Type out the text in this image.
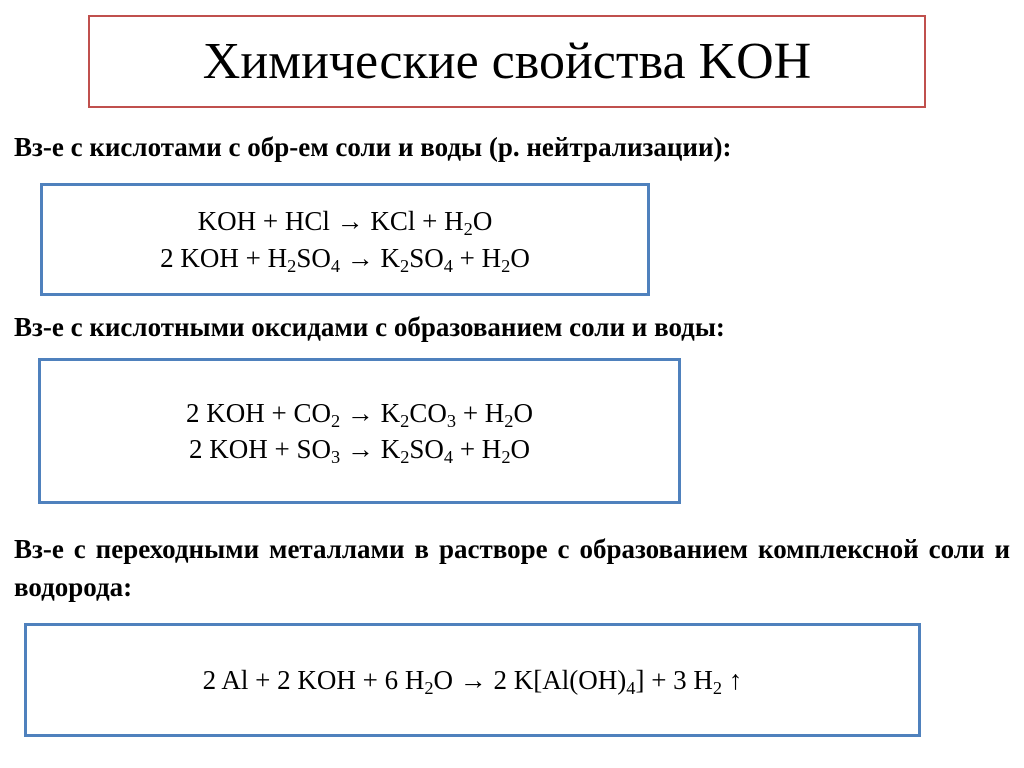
Химические свойства KOH
Вз-е с кислотами с обр-ем соли и воды (р. нейтрализации):
KOH + HCl → KCl + $H_2O$
2 KOH + $H_2SO_4 \to K_2SO_4 + H_2O$
Вз-е с кислотными оксидами с образованием соли и воды:
2 KOH + $CO_2 \to K_2CO_3 + H_2O$
2 KOH + $SO_3 \to K_2SO_4 + H_2O$
Вз-е с переходными металлами в растворе с образованием комплексной соли и водорода:
2 Al + 2 KOH + 6 $H_2O \to 2$ $K[Al(OH)_4] + 3$ $H_2$ ↑
